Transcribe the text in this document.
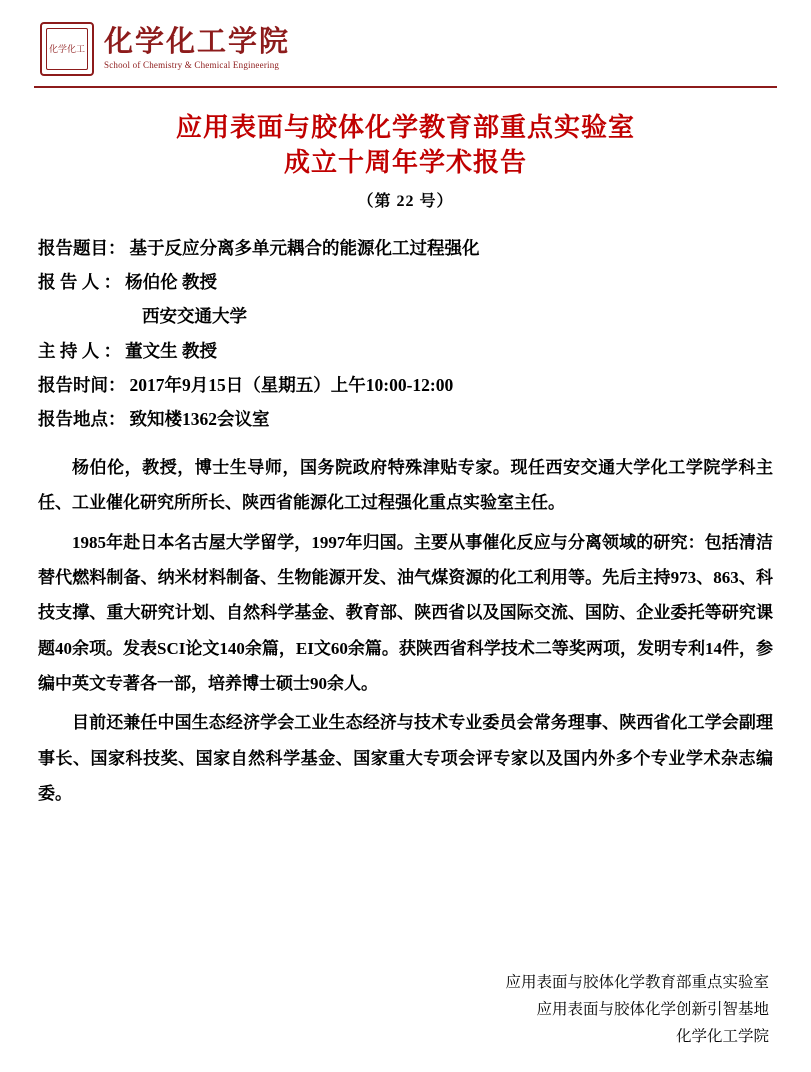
化学化工 化学化工学院
School of Chemistry & Chemical Engineering
应用表面与胶体化学教育部重点实验室
成立十周年学术报告
（第 22 号）
报告题目： 基于反应分离多单元耦合的能源化工过程强化
报 告 人 ： 杨伯伦 教授
西安交通大学
主 持 人 ： 董文生 教授
报告时间： 2017年9月15日（星期五）上午10:00-12:00
报告地点： 致知楼1362会议室

杨伯伦，教授，博士生导师，国务院政府特殊津贴专家。现任西安交通大学化工学院学科主任、工业催化研究所所长、陕西省能源化工过程强化重点实验室主任。

1985年赴日本名古屋大学留学，1997年归国。主要从事催化反应与分离领域的研究：包括清洁替代燃料制备、纳米材料制备、生物能源开发、油气煤资源的化工利用等。先后主持973、863、科技支撑、重大研究计划、自然科学基金、教育部、陕西省以及国际交流、国防、企业委托等研究课题40余项。发表SCI论文140余篇，EI文60余篇。获陕西省科学技术二等奖两项，发明专利14件，参编中英文专著各一部，培养博士硕士90余人。

目前还兼任中国生态经济学会工业生态经济与技术专业委员会常务理事、陕西省化工学会副理事长、国家科技奖、国家自然科学基金、国家重大专项会评专家以及国内外多个专业学术杂志编委。

应用表面与胶体化学教育部重点实验室
应用表面与胶体化学创新引智基地
化学化工学院
